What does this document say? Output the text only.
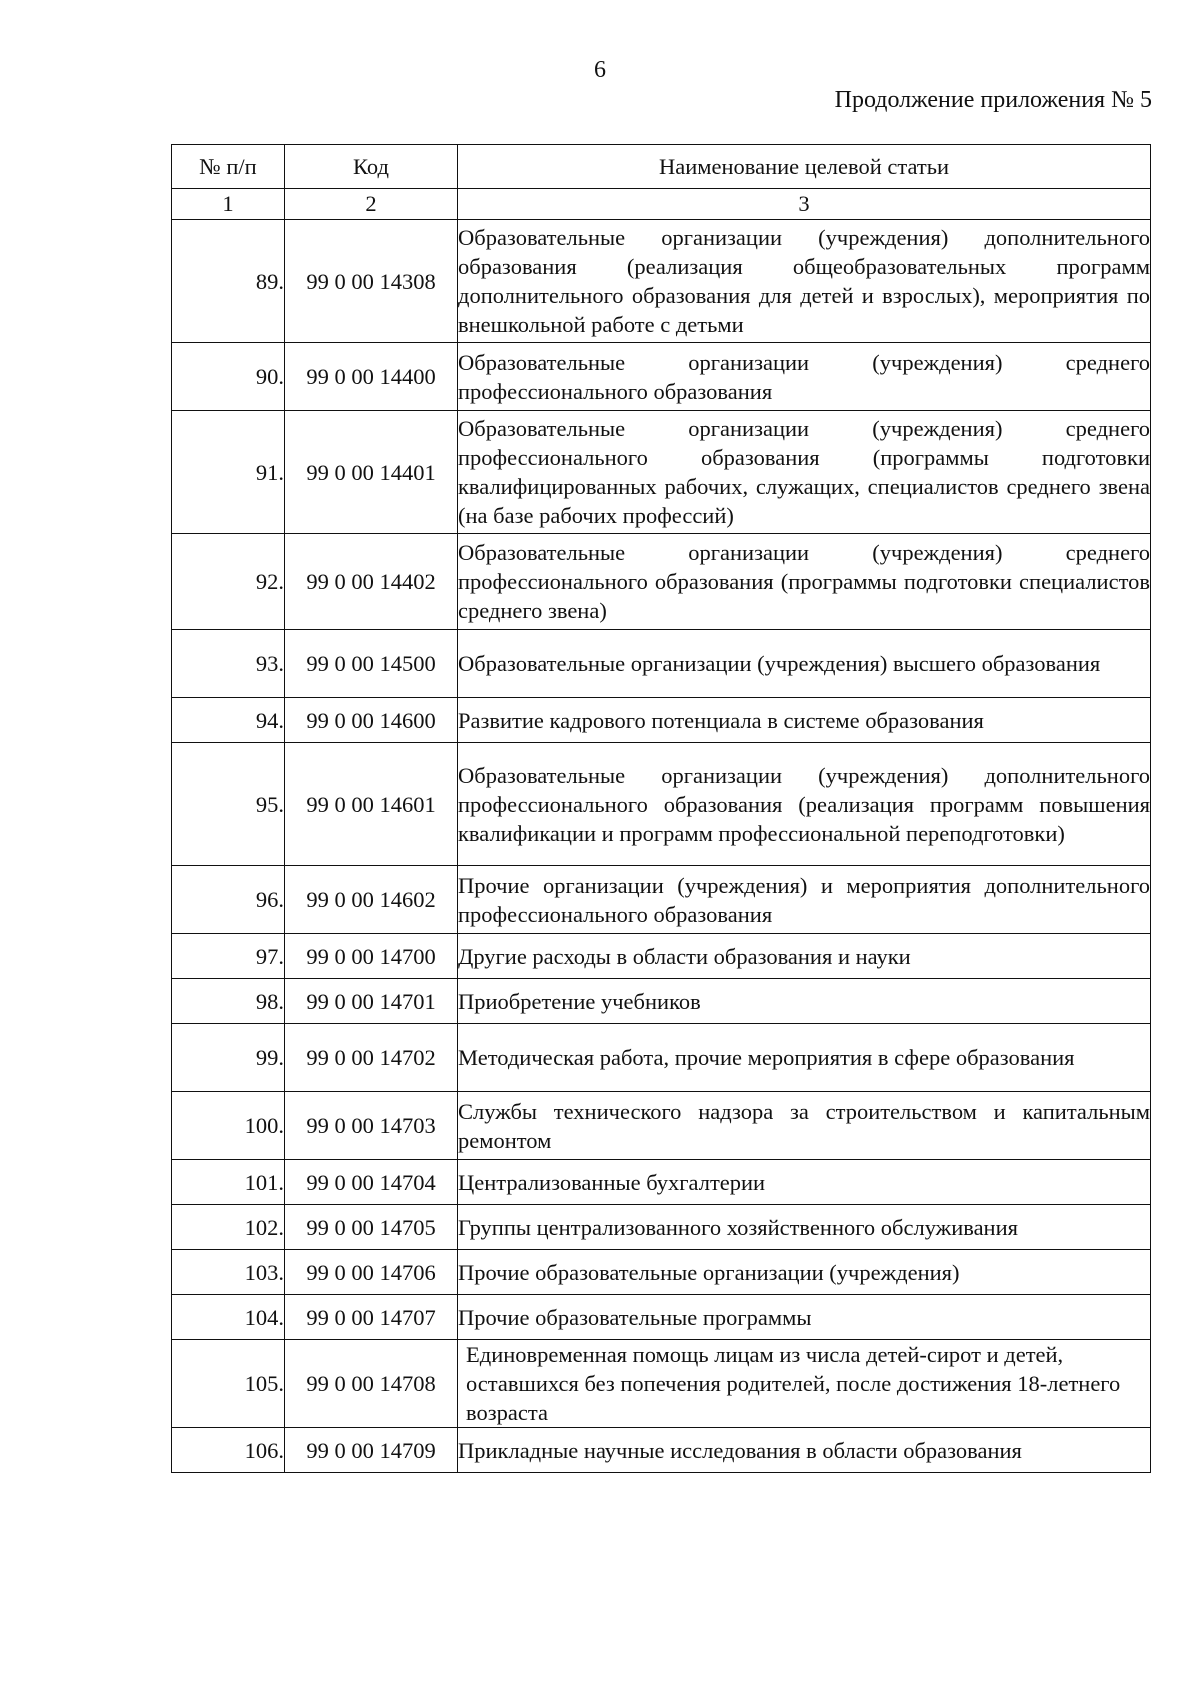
6
Продолжение приложения № 5
№ п/п	Код	Наименование целевой статьи
1	2	3
89.	99 0 00 14308	Образовательные организации (учреждения) дополнительного образования (реализация общеобразовательных программ дополнительного образования для детей и взрослых), мероприятия по внешкольной работе с детьми
90.	99 0 00 14400	Образовательные организации (учреждения) среднего профессионального образования
91.	99 0 00 14401	Образовательные организации (учреждения) среднего профессионального образования (программы подготовки квалифицированных рабочих, служащих, специалистов среднего звена (на базе рабочих профессий)
92.	99 0 00 14402	Образовательные организации (учреждения) среднего профессионального образования (программы подготовки специалистов среднего звена)
93.	99 0 00 14500	Образовательные организации (учреждения) высшего образования
94.	99 0 00 14600	Развитие кадрового потенциала в системе образования
95.	99 0 00 14601	Образовательные организации (учреждения) дополнительного профессионального образования (реализация программ повышения квалификации и программ профессиональной переподготовки)
96.	99 0 00 14602	Прочие организации (учреждения) и мероприятия дополнительного профессионального образования
97.	99 0 00 14700	Другие расходы в области образования и науки
98.	99 0 00 14701	Приобретение учебников
99.	99 0 00 14702	Методическая работа, прочие мероприятия в сфере образования
100.	99 0 00 14703	Службы технического надзора за строительством и капитальным ремонтом
101.	99 0 00 14704	Централизованные бухгалтерии
102.	99 0 00 14705	Группы централизованного хозяйственного обслуживания
103.	99 0 00 14706	Прочие образовательные организации (учреждения)
104.	99 0 00 14707	Прочие образовательные программы
105.	99 0 00 14708	Единовременная помощь лицам из числа детей-сирот и детей, оставшихся без попечения родителей, после достижения 18-летнего возраста
106.	99 0 00 14709	Прикладные научные исследования в области образования
